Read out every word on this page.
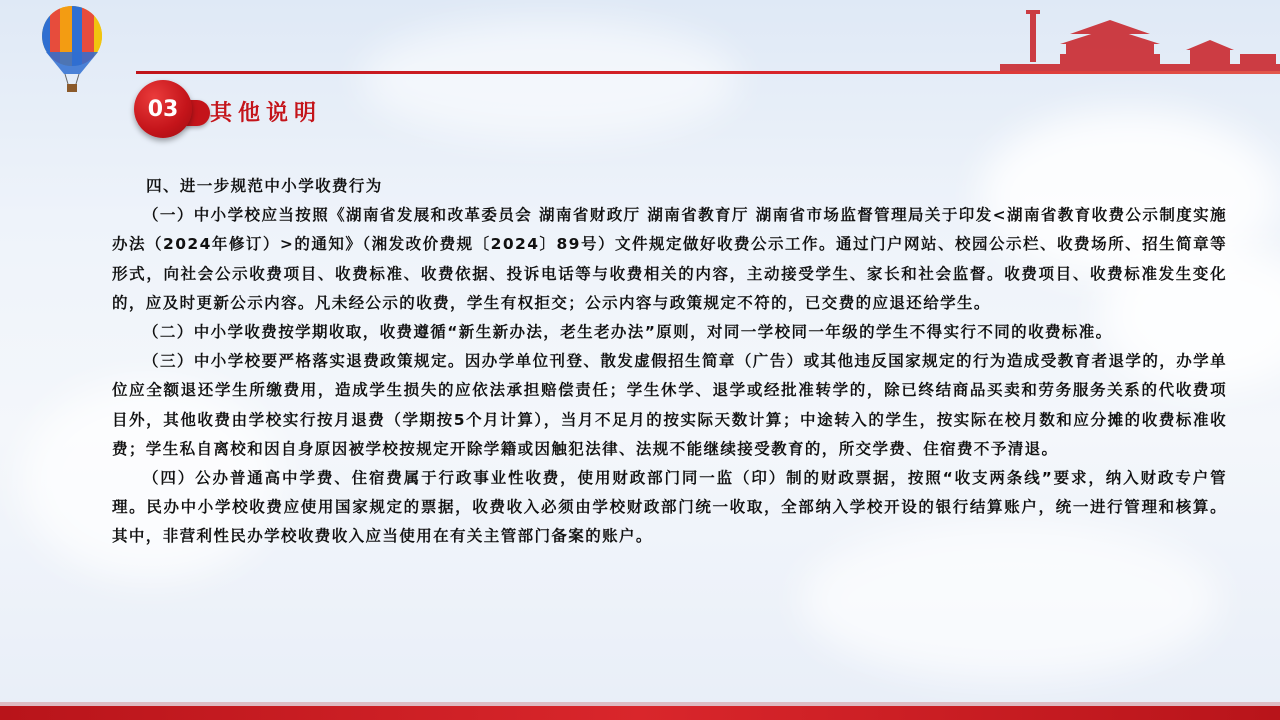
03 其他说明

四、进一步规范中小学收费行为

（一）中小学校应当按照《湖南省发展和改革委员会 湖南省财政厅 湖南省教育厅 湖南省市场监督管理局关于印发<湖南省教育收费公示制度实施办法（2024年修订）>的通知》（湘发改价费规〔2024〕89号）文件规定做好收费公示工作。通过门户网站、校园公示栏、收费场所、招生简章等形式，向社会公示收费项目、收费标准、收费依据、投诉电话等与收费相关的内容，主动接受学生、家长和社会监督。收费项目、收费标准发生变化的，应及时更新公示内容。凡未经公示的收费，学生有权拒交；公示内容与政策规定不符的，已交费的应退还给学生。

（二）中小学收费按学期收取，收费遵循“新生新办法，老生老办法”原则，对同一学校同一年级的学生不得实行不同的收费标准。

（三）中小学校要严格落实退费政策规定。因办学单位刊登、散发虚假招生简章（广告）或其他违反国家规定的行为造成受教育者退学的，办学单位应全额退还学生所缴费用，造成学生损失的应依法承担赔偿责任；学生休学、退学或经批准转学的，除已终结商品买卖和劳务服务关系的代收费项目外，其他收费由学校实行按月退费（学期按5个月计算），当月不足月的按实际天数计算；中途转入的学生，按实际在校月数和应分摊的收费标准收费；学生私自离校和因自身原因被学校按规定开除学籍或因触犯法律、法规不能继续接受教育的，所交学费、住宿费不予清退。

（四）公办普通高中学费、住宿费属于行政事业性收费，使用财政部门同一监（印）制的财政票据，按照“收支两条线”要求，纳入财政专户管理。民办中小学校收费应使用国家规定的票据，收费收入必须由学校财政部门统一收取，全部纳入学校开设的银行结算账户，统一进行管理和核算。其中，非营利性民办学校收费收入应当使用在有关主管部门备案的账户。
